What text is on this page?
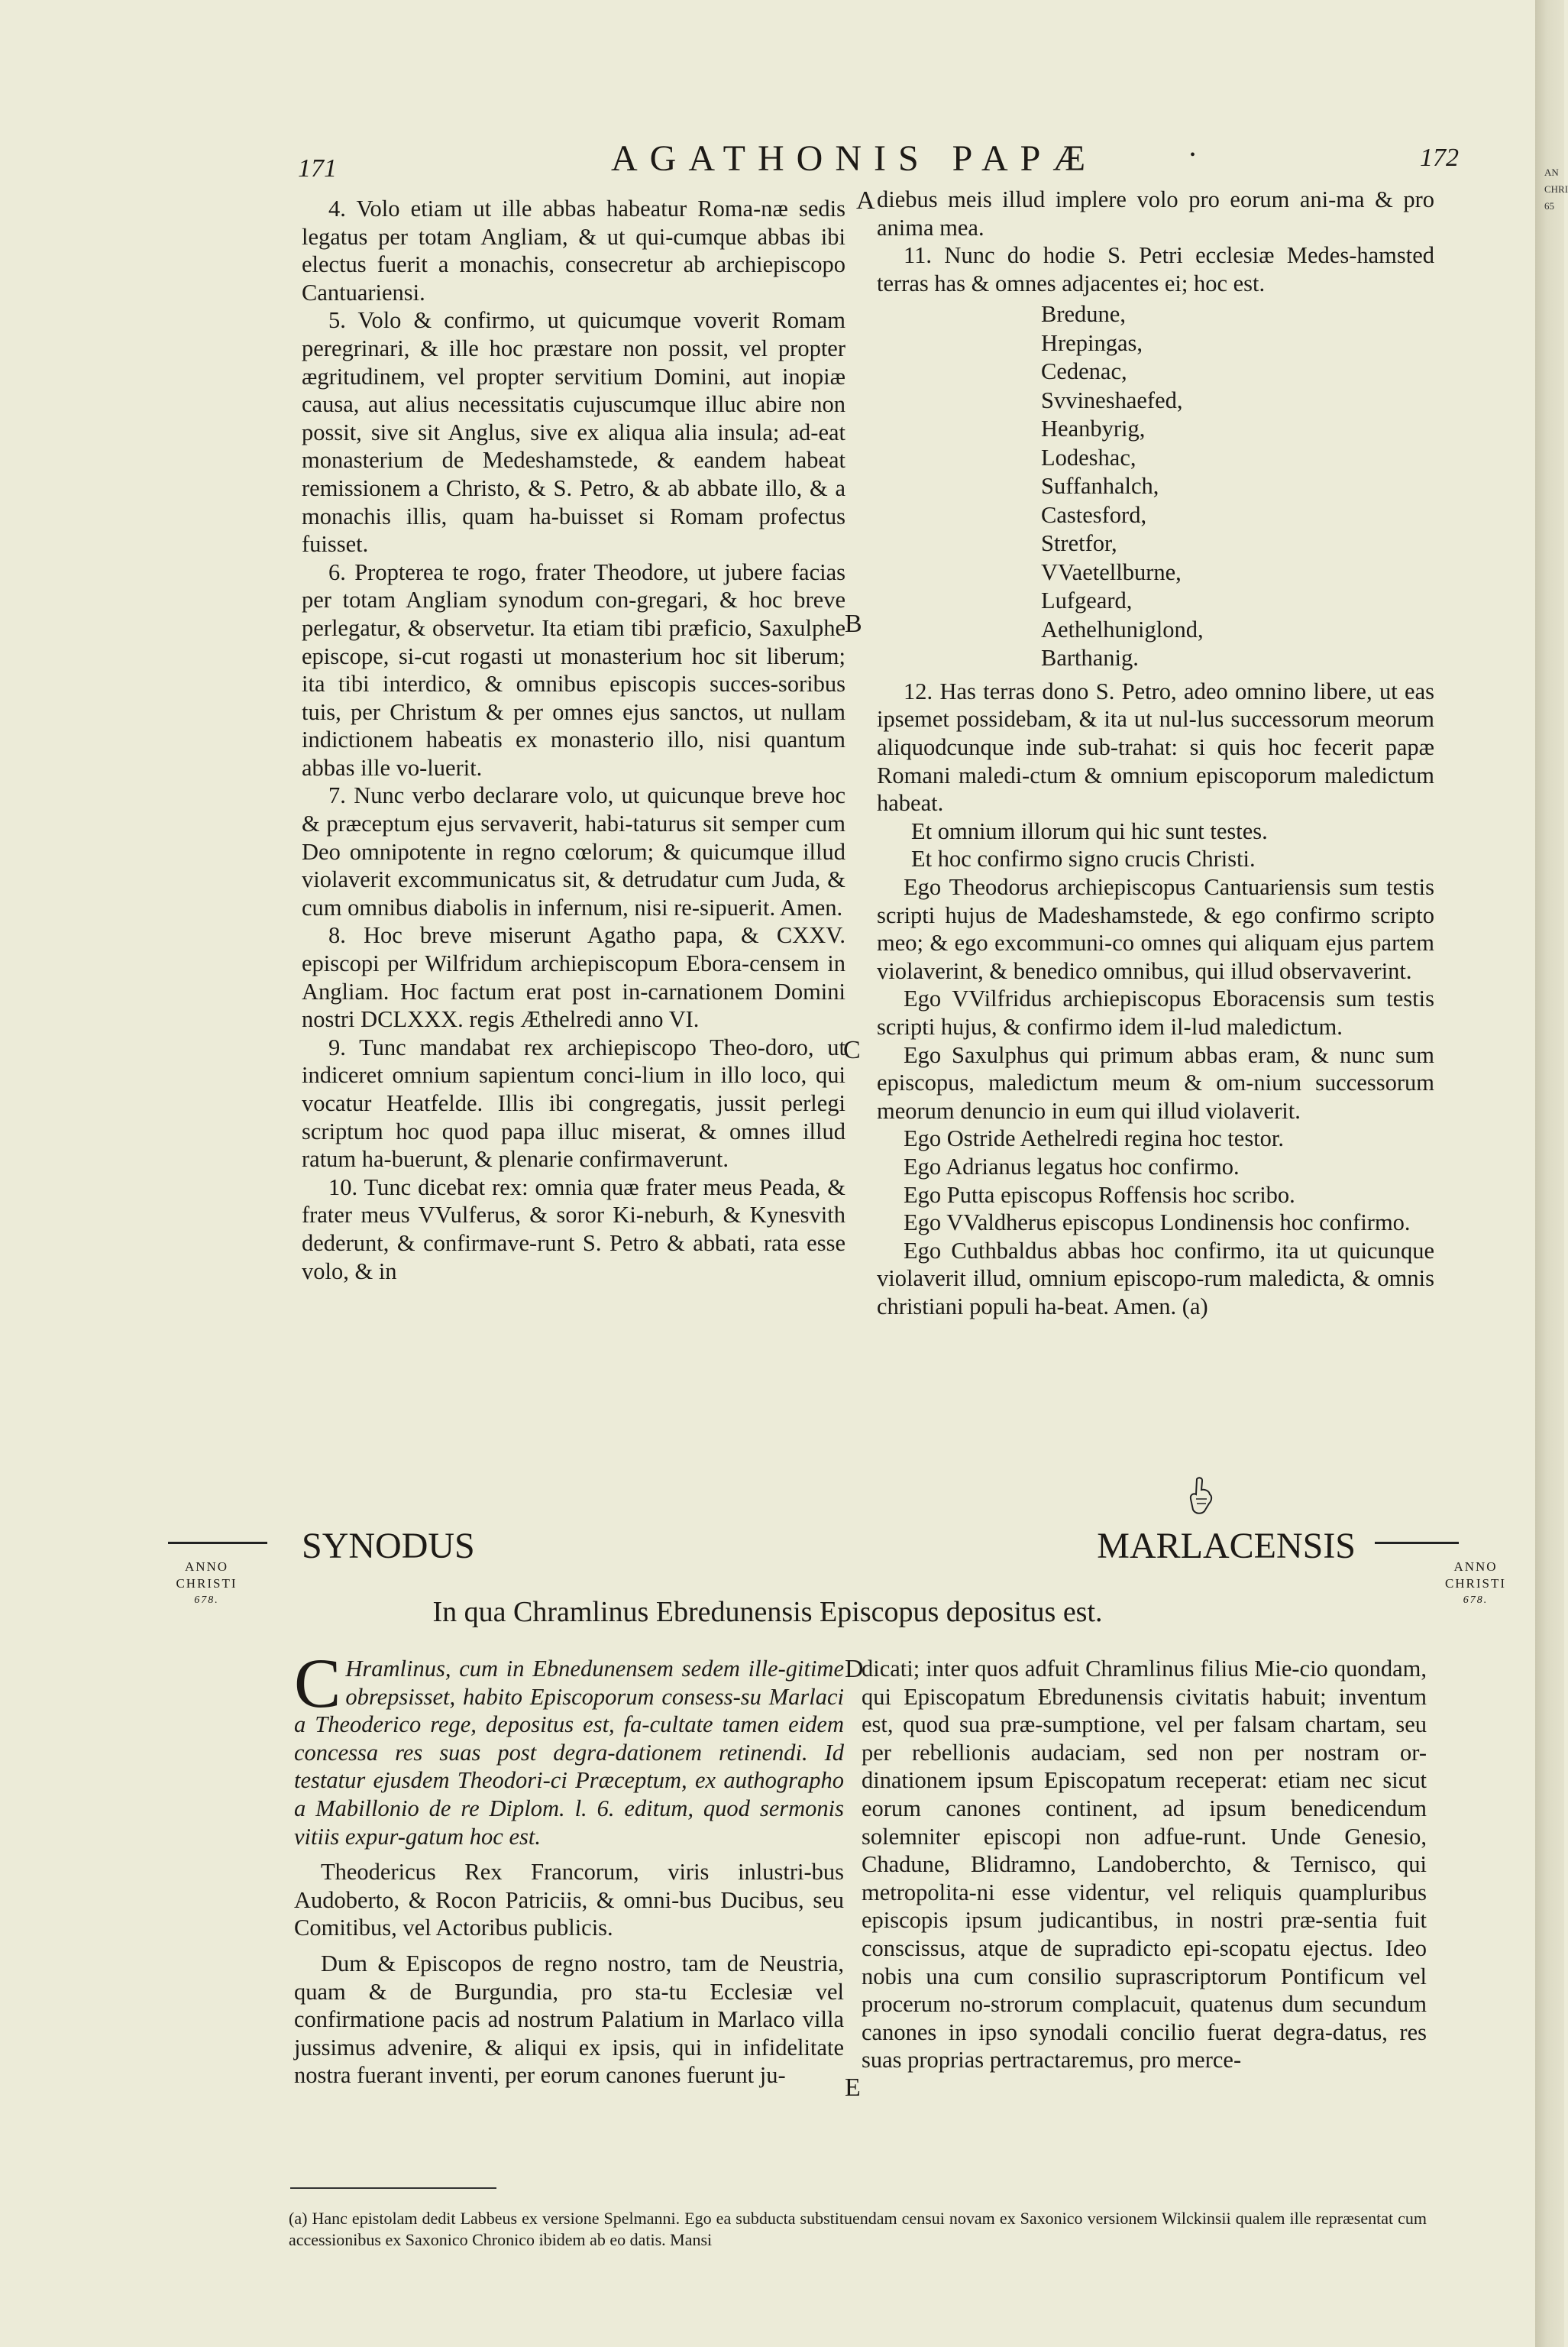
AN
CHRI
65
171	AGATHONIS PAPÆ	•	172
A
B
C
D
E

4. Volo etiam ut ille abbas habeatur Roma-næ sedis legatus per totam Angliam, & ut qui-cumque abbas ibi electus fuerit a monachis, consecretur ab archiepiscopo Cantuariensi.

5. Volo & confirmo, ut quicumque voverit Romam peregrinari, & ille hoc præstare non possit, vel propter ægritudinem, vel propter servitium Domini, aut inopiæ causa, aut alius necessitatis cujuscumque illuc abire non possit, sive sit Anglus, sive ex aliqua alia insula; ad-eat monasterium de Medeshamstede, & eandem habeat remissionem a Christo, & S. Petro, & ab abbate illo, & a monachis illis, quam ha-buisset si Romam profectus fuisset.

6. Propterea te rogo, frater Theodore, ut jubere facias per totam Angliam synodum con-gregari, & hoc breve perlegatur, & observetur. Ita etiam tibi præficio, Saxulphe episcope, si-cut rogasti ut monasterium hoc sit liberum; ita tibi interdico, & omnibus episcopis succes-soribus tuis, per Christum & per omnes ejus sanctos, ut nullam indictionem habeatis ex monasterio illo, nisi quantum abbas ille vo-luerit.

7. Nunc verbo declarare volo, ut quicunque breve hoc & præceptum ejus servaverit, habi-taturus sit semper cum Deo omnipotente in regno cœlorum; & quicumque illud violaverit excommunicatus sit, & detrudatur cum Juda, & cum omnibus diabolis in infernum, nisi re-sipuerit. Amen.

8. Hoc breve miserunt Agatho papa, & CXXV. episcopi per Wilfridum archiepiscopum Ebora-censem in Angliam. Hoc factum erat post in-carnationem Domini nostri DCLXXX. regis Æthelredi anno VI.

9. Tunc mandabat rex archiepiscopo Theo-doro, ut indiceret omnium sapientum conci-lium in illo loco, qui vocatur Heatfelde. Illis ibi congregatis, jussit perlegi scriptum hoc quod papa illuc miserat, & omnes illud ratum ha-buerunt, & plenarie confirmaverunt.

10. Tunc dicebat rex: omnia quæ frater meus Peada, & frater meus VVulferus, & soror Ki-neburh, & Kynesvith dederunt, & confirmave-runt S. Petro & abbati, rata esse volo, & in

diebus meis illud implere volo pro eorum ani-ma & pro anima mea.

11. Nunc do hodie S. Petri ecclesiæ Medes-hamsted terras has & omnes adjacentes ei; hoc est.

Bredune,
Hrepingas,
Cedenac,
Svvineshaefed,
Heanbyrig,
Lodeshac,
Suffanhalch,
Castesford,
Stretfor,
VVaetellburne,
Lufgeard,
Aethelhuniglond,
Barthanig.

12. Has terras dono S. Petro, adeo omnino libere, ut eas ipsemet possidebam, & ita ut nul-lus successorum meorum aliquodcunque inde sub-trahat: si quis hoc fecerit papæ Romani maledi-ctum & omnium episcoporum maledictum habeat.

Et omnium illorum qui hic sunt testes.

Et hoc confirmo signo crucis Christi.

Ego Theodorus archiepiscopus Cantuariensis sum testis scripti hujus de Madeshamstede, & ego confirmo scripto meo; & ego excommuni-co omnes qui aliquam ejus partem violaverint, & benedico omnibus, qui illud observaverint.

Ego VVilfridus archiepiscopus Eboracensis sum testis scripti hujus, & confirmo idem il-lud maledictum.

Ego Saxulphus qui primum abbas eram, & nunc sum episcopus, maledictum meum & om-nium successorum meorum denuncio in eum qui illud violaverit.

Ego Ostride Aethelredi regina hoc testor.

Ego Adrianus legatus hoc confirmo.

Ego Putta episcopus Roffensis hoc scribo.

Ego VValdherus episcopus Londinensis hoc confirmo.

Ego Cuthbaldus abbas hoc confirmo, ita ut quicunque violaverit illud, omnium episcopo-rum maledicta, & omnis christiani populi ha-beat. Amen. (a)

SYNODUS MARLACENSIS
ANNO
CHRISTI
678.
ANNO
CHRISTI
678.
In qua Chramlinus Ebredunensis Episcopus depositus est.

C Hramlinus, cum in Ebnedunensem sedem ille-gitime obrepsisset, habito Episcoporum consess-su Marlaci a Theoderico rege, depositus est, fa-cultate tamen eidem concessa res suas post degra-dationem retinendi. Id testatur ejusdem Theodori-ci Præceptum, ex authographo a Mabillonio de re Diplom. l. 6. editum, quod sermonis vitiis expur-gatum hoc est.

Theodericus Rex Francorum, viris inlustri-bus Audoberto, & Rocon Patriciis, & omni-bus Ducibus, seu Comitibus, vel Actoribus publicis.

Dum & Episcopos de regno nostro, tam de Neustria, quam & de Burgundia, pro sta-tu Ecclesiæ vel confirmatione pacis ad nostrum Palatium in Marlaco villa jussimus advenire, & aliqui ex ipsis, qui in infidelitate nostra fuerant inventi, per eorum canones fuerunt ju-

dicati; inter quos adfuit Chramlinus filius Mie-cio quondam, qui Episcopatum Ebredunensis civitatis habuit; inventum est, quod sua præ-sumptione, vel per falsam chartam, seu per rebellionis audaciam, sed non per nostram or-dinationem ipsum Episcopatum receperat: etiam nec sicut eorum canones continent, ad ipsum benedicendum solemniter episcopi non adfue-runt. Unde Genesio, Chadune, Blidramno, Landoberchto, & Ternisco, qui metropolita-ni esse videntur, vel reliquis quampluribus episcopis ipsum judicantibus, in nostri præ-sentia fuit conscissus, atque de supradicto epi-scopatu ejectus. Ideo nobis una cum consilio suprascriptorum Pontificum vel procerum no-strorum complacuit, quatenus dum secundum canones in ipso synodali concilio fuerat degra-datus, res suas proprias pertractaremus, pro merce-

(a) Hanc epistolam dedit Labbeus ex versione Spelmanni. Ego ea subducta substituendam censui novam ex Saxonico versionem Wilckinsii qualem ille repræsentat cum accessionibus ex Saxonico Chronico ibidem ab eo datis. Mansi
